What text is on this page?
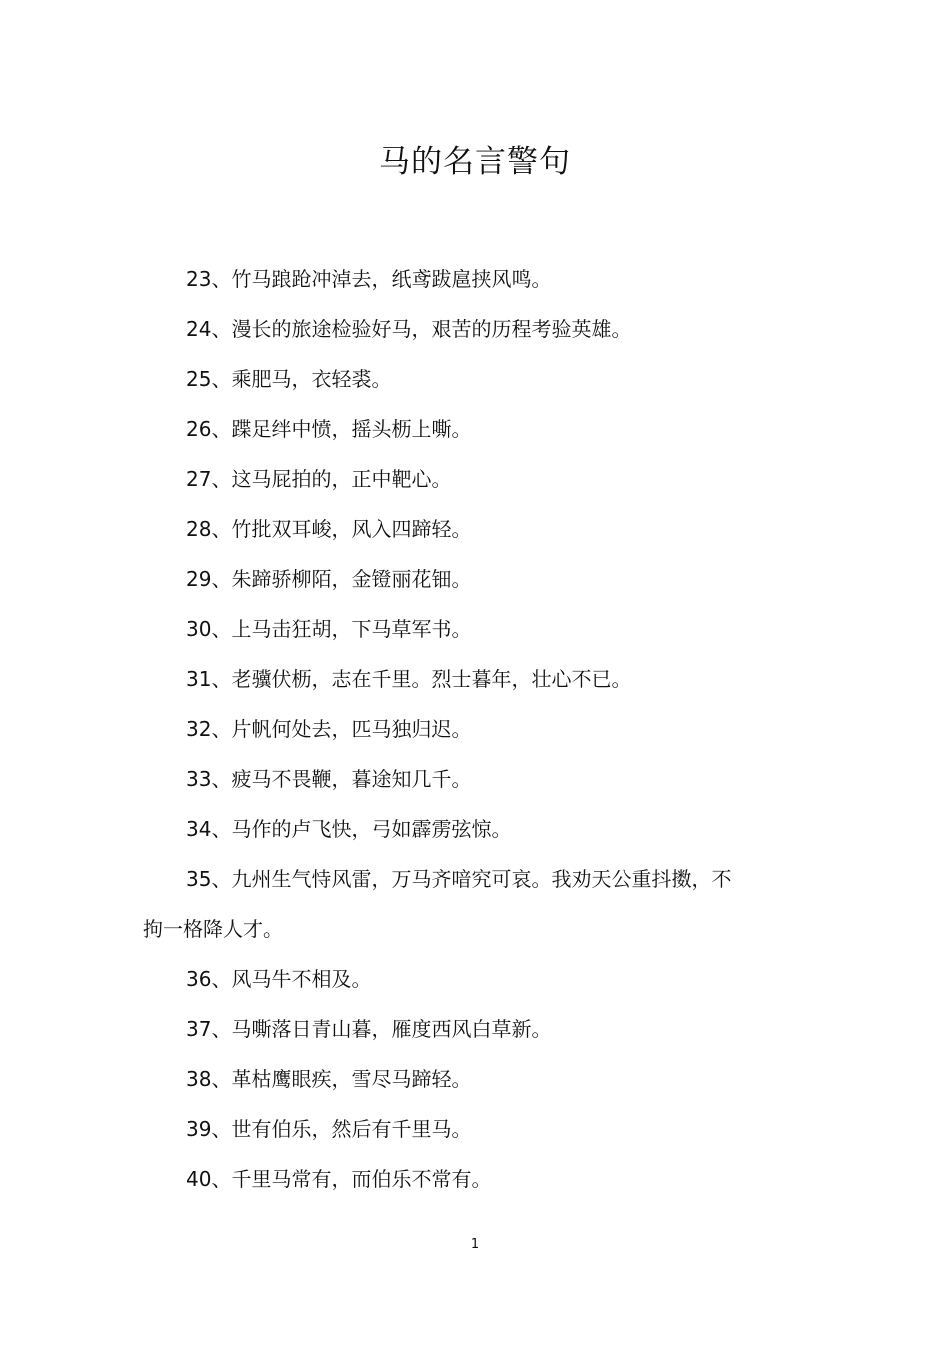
马的名言警句
23、竹马踉跄冲淖去，纸鸢跋扈挟风鸣。
24、漫长的旅途检验好马，艰苦的历程考验英雄。
25、乘肥马，衣轻裘。
26、蹀足绊中愤，摇头枥上嘶。
27、这马屁拍的，正中靶心。
28、竹批双耳峻，风入四蹄轻。
29、朱蹄骄柳陌，金镫丽花钿。
30、上马击狂胡，下马草军书。
31、老骥伏枥，志在千里。烈士暮年，壮心不已。
32、片帆何处去，匹马独归迟。
33、疲马不畏鞭，暮途知几千。
34、马作的卢飞快，弓如霹雳弦惊。
35、九州生气恃风雷，万马齐喑究可哀。我劝天公重抖擞，不
拘一格降人才。
36、风马牛不相及。
37、马嘶落日青山暮，雁度西风白草新。
38、革枯鹰眼疾，雪尽马蹄轻。
39、世有伯乐，然后有千里马。
40、千里马常有，而伯乐不常有。
1
